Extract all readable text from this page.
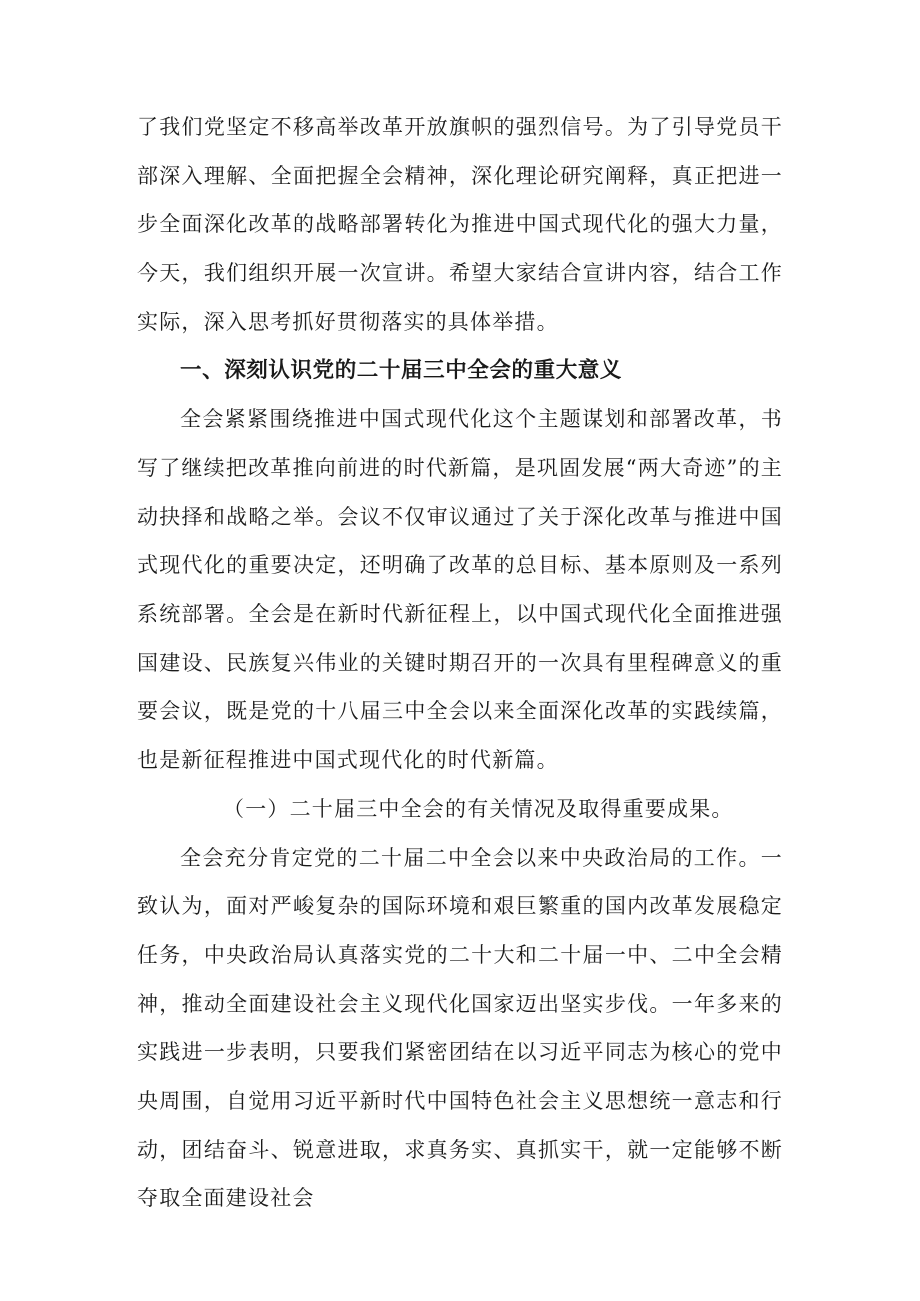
了我们党坚定不移高举改革开放旗帜的强烈信号。为了引导党员干部深入理解、全面把握全会精神，深化理论研究阐释，真正把进一步全面深化改革的战略部署转化为推进中国式现代化的强大力量，今天，我们组织开展一次宣讲。希望大家结合宣讲内容，结合工作实际，深入思考抓好贯彻落实的具体举措。

一、深刻认识党的二十届三中全会的重大意义

全会紧紧围绕推进中国式现代化这个主题谋划和部署改革，书写了继续把改革推向前进的时代新篇，是巩固发展“两大奇迹”的主动抉择和战略之举。会议不仅审议通过了关于深化改革与推进中国式现代化的重要决定，还明确了改革的总目标、基本原则及一系列系统部署。全会是在新时代新征程上，以中国式现代化全面推进强国建设、民族复兴伟业的关键时期召开的一次具有里程碑意义的重要会议，既是党的十八届三中全会以来全面深化改革的实践续篇，也是新征程推进中国式现代化的时代新篇。

（一）二十届三中全会的有关情况及取得重要成果。

全会充分肯定党的二十届二中全会以来中央政治局的工作。一致认为，面对严峻复杂的国际环境和艰巨繁重的国内改革发展稳定任务，中央政治局认真落实党的二十大和二十届一中、二中全会精神，推动全面建设社会主义现代化国家迈出坚实步伐。一年多来的实践进一步表明，只要我们紧密团结在以习近平同志为核心的党中央周围，自觉用习近平新时代中国特色社会主义思想统一意志和行动，团结奋斗、锐意进取，求真务实、真抓实干，就一定能够不断夺取全面建设社会
